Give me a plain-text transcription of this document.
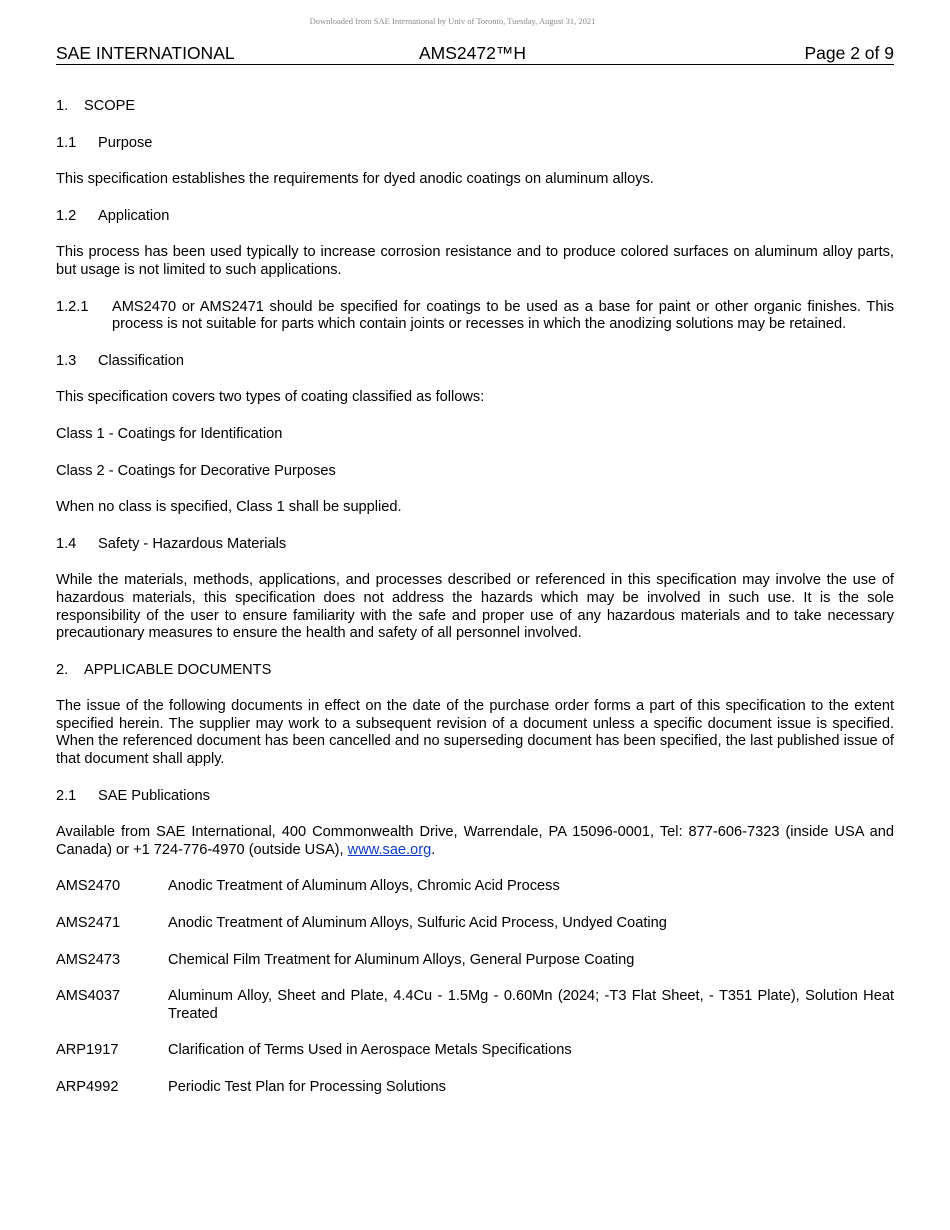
Downloaded from SAE International by Univ of Toronto, Tuesday, August 31, 2021
SAE INTERNATIONAL	AMS2472™H	Page 2 of 9
1. SCOPE
1.1 Purpose

This specification establishes the requirements for dyed anodic coatings on aluminum alloys.

1.2 Application

This process has been used typically to increase corrosion resistance and to produce colored surfaces on aluminum alloy parts, but usage is not limited to such applications.

1.2.1	AMS2470 or AMS2471 should be specified for coatings to be used as a base for paint or other organic finishes. This process is not suitable for parts which contain joints or recesses in which the anodizing solutions may be retained.
1.3 Classification

This specification covers two types of coating classified as follows:

Class 1 - Coatings for Identification

Class 2 - Coatings for Decorative Purposes

When no class is specified, Class 1 shall be supplied.

1.4 Safety - Hazardous Materials

While the materials, methods, applications, and processes described or referenced in this specification may involve the use of hazardous materials, this specification does not address the hazards which may be involved in such use. It is the sole responsibility of the user to ensure familiarity with the safe and proper use of any hazardous materials and to take necessary precautionary measures to ensure the health and safety of all personnel involved.

2. APPLICABLE DOCUMENTS

The issue of the following documents in effect on the date of the purchase order forms a part of this specification to the extent specified herein. The supplier may work to a subsequent revision of a document unless a specific document issue is specified. When the referenced document has been cancelled and no superseding document has been specified, the last published issue of that document shall apply.

2.1 SAE Publications

Available from SAE International, 400 Commonwealth Drive, Warrendale, PA 15096-0001, Tel: 877-606-7323 (inside USA and Canada) or +1 724-776-4970 (outside USA), www.sae.org.

AMS2470	Anodic Treatment of Aluminum Alloys, Chromic Acid Process
AMS2471	Anodic Treatment of Aluminum Alloys, Sulfuric Acid Process, Undyed Coating
AMS2473	Chemical Film Treatment for Aluminum Alloys, General Purpose Coating
AMS4037	Aluminum Alloy, Sheet and Plate, 4.4Cu - 1.5Mg - 0.60Mn (2024; -T3 Flat Sheet, - T351 Plate), Solution Heat Treated
ARP1917	Clarification of Terms Used in Aerospace Metals Specifications
ARP4992	Periodic Test Plan for Processing Solutions
